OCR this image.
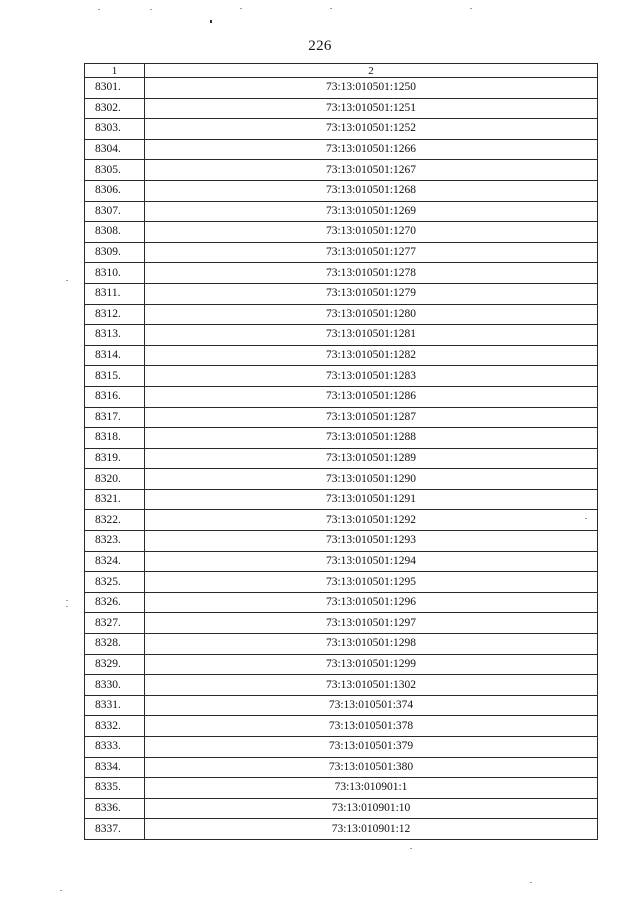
226
1	2
8301.	73:13:010501:1250
8302.	73:13:010501:1251
8303.	73:13:010501:1252
8304.	73:13:010501:1266
8305.	73:13:010501:1267
8306.	73:13:010501:1268
8307.	73:13:010501:1269
8308.	73:13:010501:1270
8309.	73:13:010501:1277
8310.	73:13:010501:1278
8311.	73:13:010501:1279
8312.	73:13:010501:1280
8313.	73:13:010501:1281
8314.	73:13:010501:1282
8315.	73:13:010501:1283
8316.	73:13:010501:1286
8317.	73:13:010501:1287
8318.	73:13:010501:1288
8319.	73:13:010501:1289
8320.	73:13:010501:1290
8321.	73:13:010501:1291
8322.	73:13:010501:1292
8323.	73:13:010501:1293
8324.	73:13:010501:1294
8325.	73:13:010501:1295
8326.	73:13:010501:1296
8327.	73:13:010501:1297
8328.	73:13:010501:1298
8329.	73:13:010501:1299
8330.	73:13:010501:1302
8331.	73:13:010501:374
8332.	73:13:010501:378
8333.	73:13:010501:379
8334.	73:13:010501:380
8335.	73:13:010901:1
8336.	73:13:010901:10
8337.	73:13:010901:12
